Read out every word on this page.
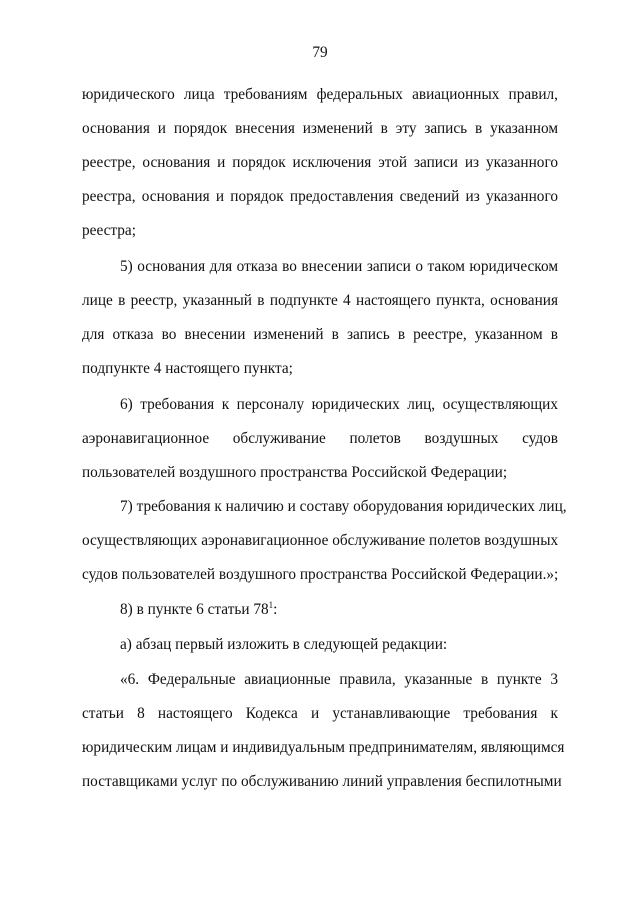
79
юридического лица требованиям федеральных авиационных правил,
основания и порядок внесения изменений в эту запись в указанном
реестре, основания и порядок исключения этой записи из указанного
реестра, основания и порядок предоставления сведений из указанного
реестра;
5) основания для отказа во внесении записи о таком юридическом
лице в реестр, указанный в подпункте 4 настоящего пункта, основания
для отказа во внесении изменений в запись в реестре, указанном в
подпункте 4 настоящего пункта;
6) требования к персоналу юридических лиц, осуществляющих
аэронавигационное обслуживание полетов воздушных судов
пользователей воздушного пространства Российской Федерации;
7) требования к наличию и составу оборудования юридических лиц,
осуществляющих аэронавигационное обслуживание полетов воздушных
судов пользователей воздушного пространства Российской Федерации.»;
8) в пункте 6 статьи $78^1$:
а) абзац первый изложить в следующей редакции:
«6. Федеральные авиационные правила, указанные в пункте 3
статьи 8 настоящего Кодекса и устанавливающие требования к
юридическим лицам и индивидуальным предпринимателям, являющимся
поставщиками услуг по обслуживанию линий управления беспилотными
